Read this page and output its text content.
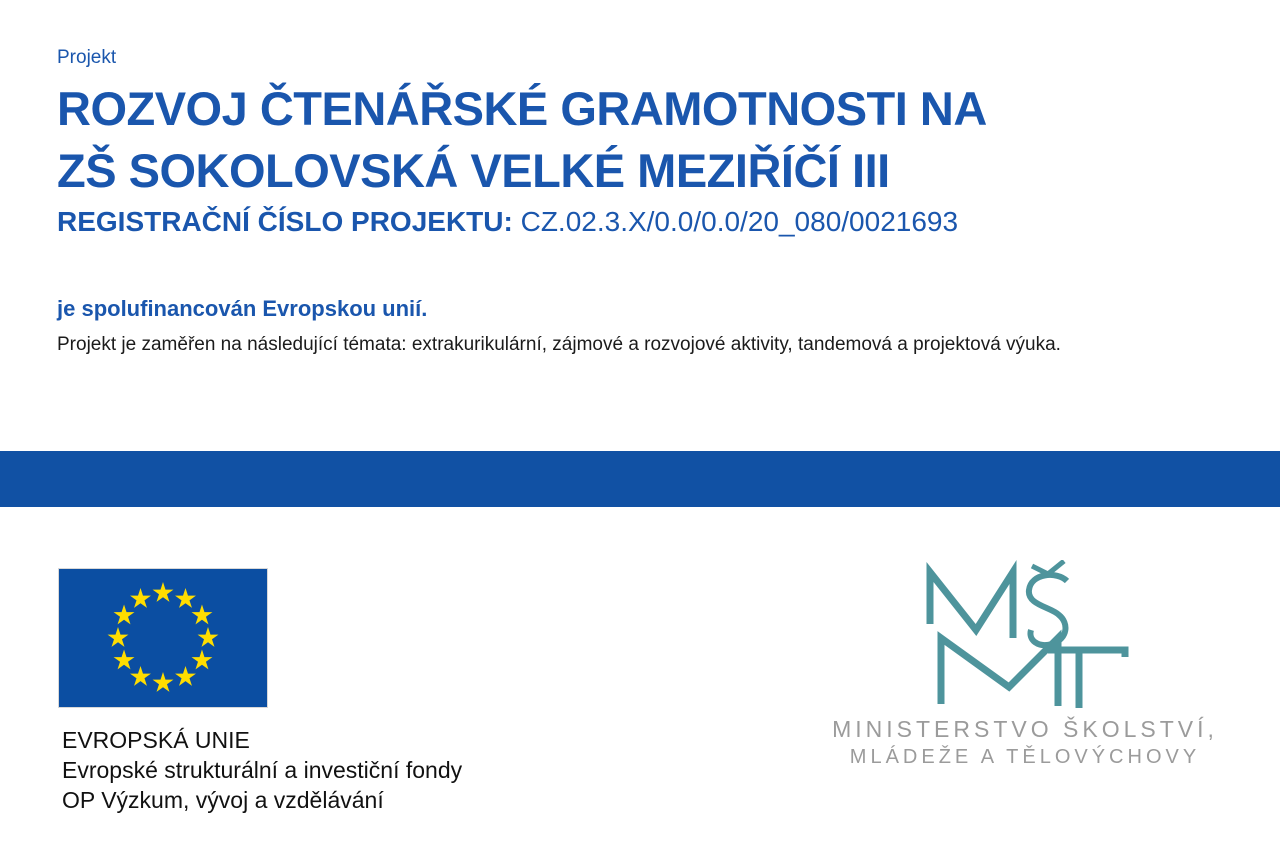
Projekt
ROZVOJ ČTENÁŘSKÉ GRAMOTNOSTI NA
ZŠ SOKOLOVSKÁ VELKÉ MEZIŘÍČÍ III
REGISTRAČNÍ ČÍSLO PROJEKTU: CZ.02.3.X/0.0/0.0/20_080/0021693
je spolufinancován Evropskou unií.
Projekt je zaměřen na následující témata: extrakurikulární, zájmové a rozvojové aktivity, tandemová a projektová výuka.
EVROPSKÁ UNIE
Evropské strukturální a investiční fondy
OP Výzkum, vývoj a vzdělávání
MINISTERSTVO ŠKOLSTVÍ,
MLÁDEŽE A TĚLOVÝCHOVY
